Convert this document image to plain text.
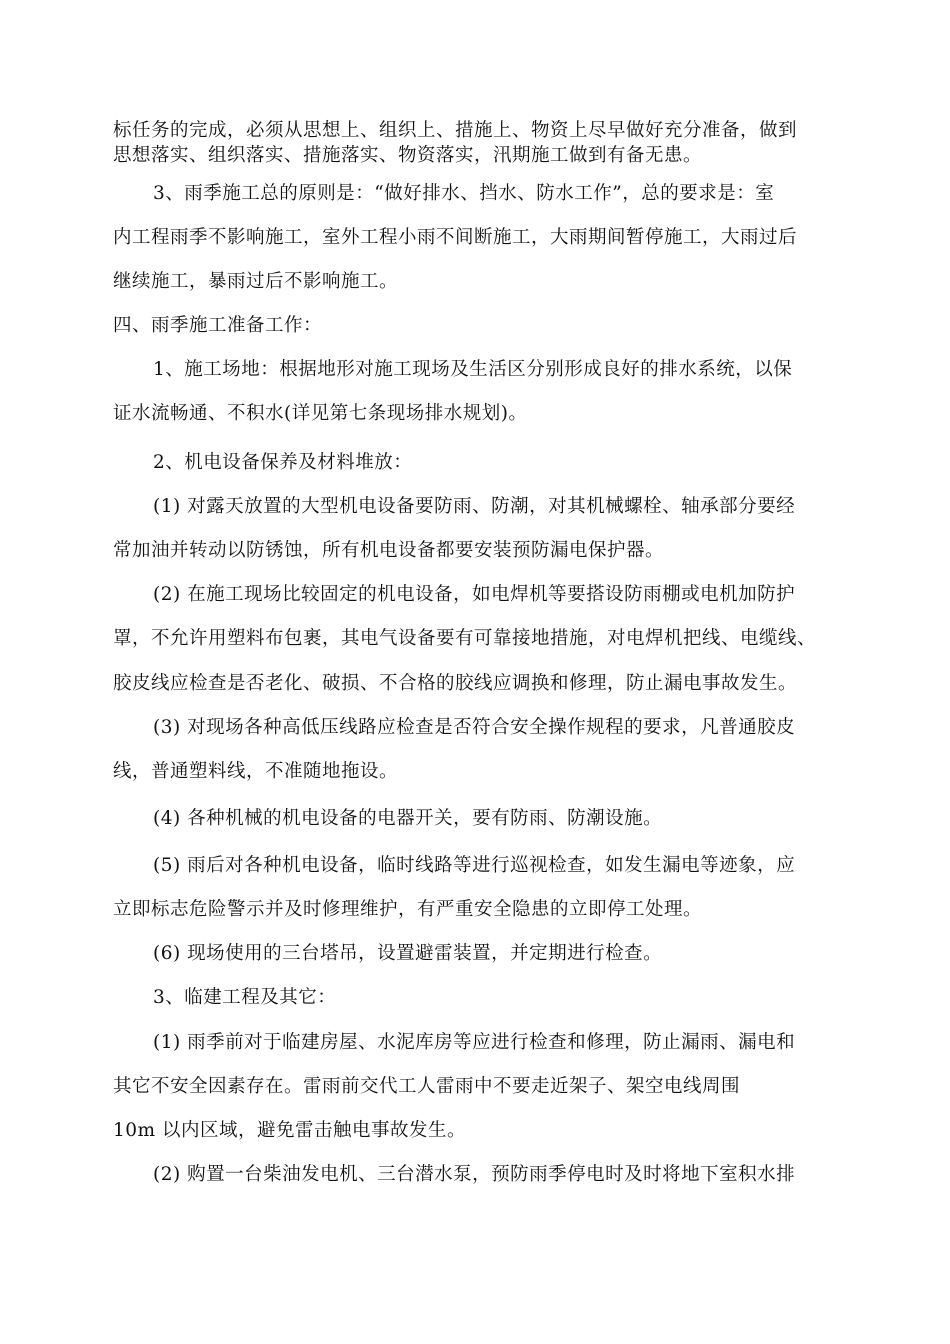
标任务的完成，必须从思想上、组织上、措施上、物资上尽早做好充分准备，做到
思想落实、组织落实、措施落实、物资落实，汛期施工做到有备无患。
3、雨季施工总的原则是：“做好排水、挡水、防水工作”，总的要求是：室
内工程雨季不影响施工，室外工程小雨不间断施工，大雨期间暂停施工，大雨过后
继续施工，暴雨过后不影响施工。
四、雨季施工准备工作：
1、施工场地：根据地形对施工现场及生活区分别形成良好的排水系统，以保
证水流畅通、不积水(详见第七条现场排水规划)。
2、机电设备保养及材料堆放：
(1) 对露天放置的大型机电设备要防雨、防潮，对其机械螺栓、轴承部分要经
常加油并转动以防锈蚀，所有机电设备都要安装预防漏电保护器。
(2) 在施工现场比较固定的机电设备，如电焊机等要搭设防雨棚或电机加防护
罩，不允许用塑料布包裹，其电气设备要有可靠接地措施，对电焊机把线、电缆线、
胶皮线应检查是否老化、破损、不合格的胶线应调换和修理，防止漏电事故发生。
(3) 对现场各种高低压线路应检查是否符合安全操作规程的要求，凡普通胶皮
线，普通塑料线，不准随地拖设。
(4) 各种机械的机电设备的电器开关，要有防雨、防潮设施。
(5) 雨后对各种机电设备，临时线路等进行巡视检查，如发生漏电等迹象，应
立即标志危险警示并及时修理维护，有严重安全隐患的立即停工处理。
(6) 现场使用的三台塔吊，设置避雷装置，并定期进行检查。
3、临建工程及其它：
(1) 雨季前对于临建房屋、水泥库房等应进行检查和修理，防止漏雨、漏电和
其它不安全因素存在。雷雨前交代工人雷雨中不要走近架子、架空电线周围
10m 以内区域，避免雷击触电事故发生。
(2) 购置一台柴油发电机、三台潜水泵，预防雨季停电时及时将地下室积水排
